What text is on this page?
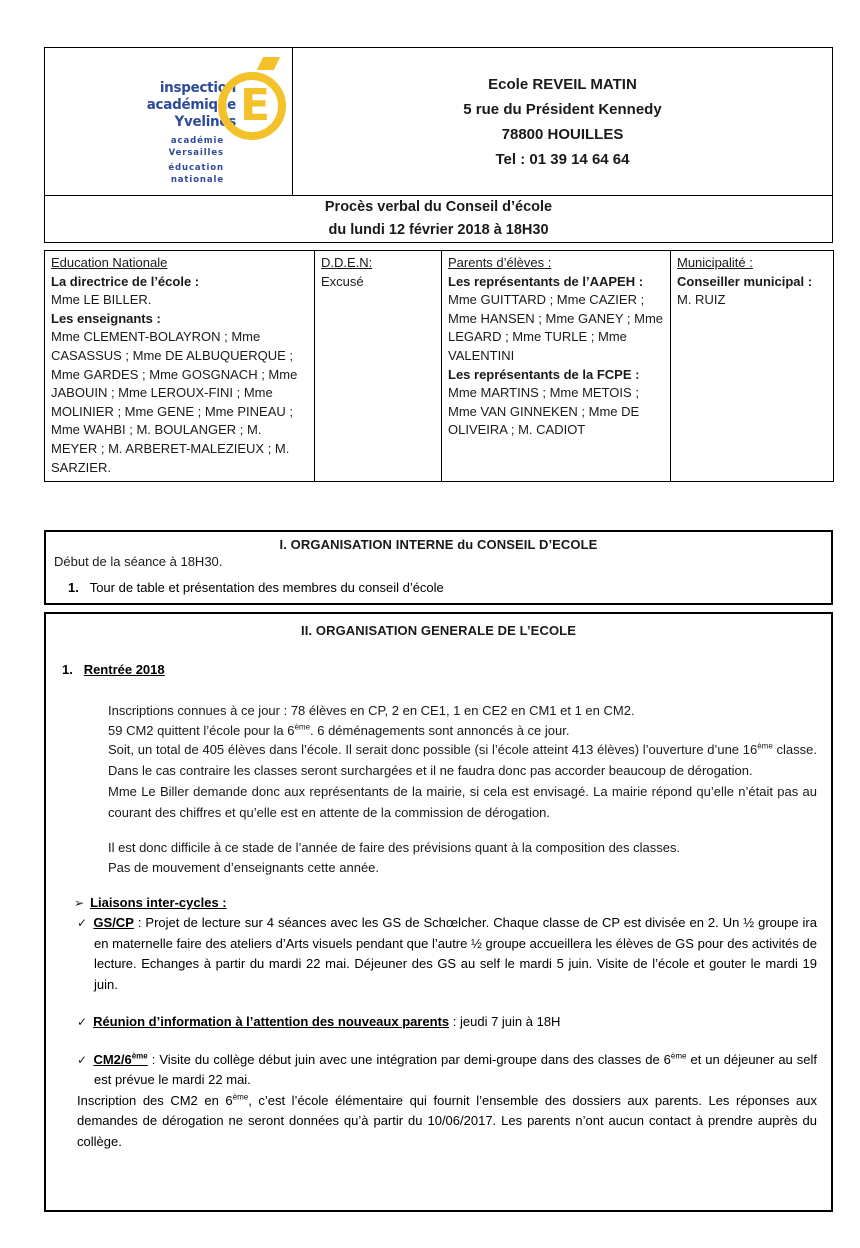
inspection académique
Yvelines
académie
Versailles
éducation
nationale
E	Ecole REVEIL MATIN
5 rue du Président Kennedy
78800 HOUILLES
Tel : 01 39 14 64 64

Procès verbal du Conseil d’école
du lundi 12 février 2018 à 18H30
Education Nationale
La directrice de l’école :
Mme LE BILLER.
Les enseignants :
Mme CLEMENT-BOLAYRON ; Mme CASASSUS ; Mme DE ALBUQUERQUE ; Mme GARDES ; Mme GOSGNACH ; Mme JABOUIN ; Mme LEROUX-FINI ; Mme MOLINIER ; Mme GENE ; Mme PINEAU ; Mme WAHBI ; M. BOULANGER ; M. MEYER ; M. ARBERET-MALEZIEUX ; M. SARZIER.

D.D.E.N:
Excusé

Parents d’élèves :
Les représentants de l’AAPEH :
Mme GUITTARD ; Mme CAZIER ; Mme HANSEN ; Mme GANEY ; Mme LEGARD ; Mme TURLE ; Mme VALENTINI
Les représentants de la FCPE :
Mme MARTINS ; Mme METOIS ; Mme VAN GINNEKEN ; Mme DE OLIVEIRA ; M. CADIOT

Municipalité :
Conseiller municipal :
M. RUIZ
I. ORGANISATION INTERNE du CONSEIL D’ECOLE
Début de la séance à 18H30.
1. Tour de table et présentation des membres du conseil d’école
II. ORGANISATION GENERALE DE L’ECOLE
1. Rentrée 2018
Inscriptions connues à ce jour : 78 élèves en CP, 2 en CE1, 1 en CE2 en CM1 et 1 en CM2.
59 CM2 quittent l’école pour la 6ème. 6 déménagements sont annoncés à ce jour.
Soit, un total de 405 élèves dans l’école. Il serait donc possible (si l’école atteint 413 élèves) l’ouverture d’une 16ème classe. Dans le cas contraire les classes seront surchargées et il ne faudra donc pas accorder beaucoup de dérogation.
Mme Le Biller demande donc aux représentants de la mairie, si cela est envisagé. La mairie répond qu’elle n’était pas au courant des chiffres et qu’elle est en attente de la commission de dérogation.
Il est donc difficile à ce stade de l’année de faire des prévisions quant à la composition des classes.
Pas de mouvement d’enseignants cette année.
➢ Liaisons inter-cycles :
✓ GS/CP : Projet de lecture sur 4 séances avec les GS de Schœlcher. Chaque classe de CP est divisée en 2. Un ½ groupe ira en maternelle faire des ateliers d’Arts visuels pendant que l’autre ½ groupe accueillera les élèves de GS pour des activités de lecture. Echanges à partir du mardi 22 mai. Déjeuner des GS au self le mardi 5 juin. Visite de l’école et gouter le mardi 19 juin.
✓ Réunion d’information à l’attention des nouveaux parents : jeudi 7 juin à 18H
✓ CM2/6ème : Visite du collège début juin avec une intégration par demi-groupe dans des classes de 6ème et un déjeuner au self est prévue le mardi 22 mai.
Inscription des CM2 en 6ème, c’est l’école élémentaire qui fournit l’ensemble des dossiers aux parents. Les réponses aux demandes de dérogation ne seront données qu’à partir du 10/06/2017. Les parents n’ont aucun contact à prendre auprès du collège.
